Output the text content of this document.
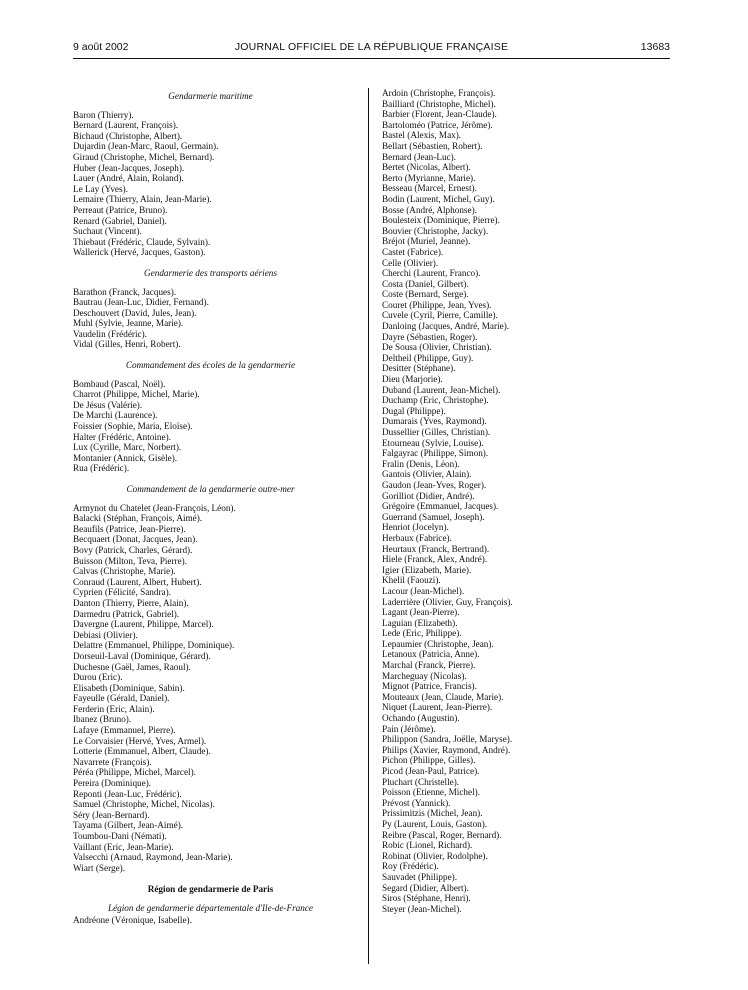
9 août 2002	JOURNAL OFFICIEL DE LA RÉPUBLIQUE FRANÇAISE	13683
Gendarmerie maritime
Baron (Thierry).
Bernard (Laurent, François).
Bichaud (Christophe, Albert).
Dujardin (Jean-Marc, Raoul, Germain).
Giraud (Christophe, Michel, Bernard).
Huber (Jean-Jacques, Joseph).
Lauer (André, Alain, Roland).
Le Lay (Yves).
Lemaire (Thierry, Alain, Jean-Marie).
Perreaut (Patrice, Bruno).
Renard (Gabriel, Daniel).
Suchaut (Vincent).
Thiebaut (Frédéric, Claude, Sylvain).
Wallerick (Hervé, Jacques, Gaston).
Gendarmerie des transports aériens
Barathon (Franck, Jacques).
Bautrau (Jean-Luc, Didier, Fernand).
Deschouvert (David, Jules, Jean).
Muhl (Sylvie, Jeanne, Marie).
Vaudelin (Frédéric).
Vidal (Gilles, Henri, Robert).
Commandement des écoles de la gendarmerie
Bombaud (Pascal, Noël).
Charrot (Philippe, Michel, Marie).
De Jésus (Valérie).
De Marchi (Laurence).
Foissier (Sophie, Maria, Eloïse).
Halter (Frédéric, Antoine).
Lux (Cyrille, Marc, Norbert).
Montanier (Annick, Gisèle).
Rua (Frédéric).
Commandement de la gendarmerie outre-mer
Armynot du Chatelet (Jean-François, Léon).
Balacki (Stéphan, François, Aimé).
Beaufils (Patrice, Jean-Pierre).
Becquaert (Donat, Jacques, Jean).
Bovy (Patrick, Charles, Gérard).
Buisson (Milton, Teva, Pierre).
Calvas (Christophe, Marie).
Conraud (Laurent, Albert, Hubert).
Cyprien (Félicité, Sandra).
Danton (Thierry, Pierre, Alain).
Darmedru (Patrick, Gabriel).
Davergne (Laurent, Philippe, Marcel).
Debiasi (Olivier).
Delattre (Emmanuel, Philippe, Dominique).
Dorseuil-Laval (Dominique, Gérard).
Duchesne (Gaël, James, Raoul).
Durou (Eric).
Elisabeth (Dominique, Sabin).
Fayeulle (Gérald, Daniel).
Ferderin (Eric, Alain).
Ibanez (Bruno).
Lafaye (Emmanuel, Pierre).
Le Corvaisier (Hervé, Yves, Armel).
Lotterie (Emmanuel, Albert, Claude).
Navarrete (François).
Péréa (Philippe, Michel, Marcel).
Pereira (Dominique).
Reponti (Jean-Luc, Frédéric).
Samuel (Christophe, Michel, Nicolas).
Séry (Jean-Bernard).
Tayama (Gilbert, Jean-Aimé).
Toumbou-Dani (Némati).
Vaillant (Eric, Jean-Marie).
Valsecchi (Arnaud, Raymond, Jean-Marie).
Wiart (Serge).
Région de gendarmerie de Paris
Légion de gendarmerie départementale d'Ile-de-France
Andréone (Véronique, Isabelle).
Ardoin (Christophe, François).
Bailliard (Christophe, Michel).
Barbier (Florent, Jean-Claude).
Bartoloméo (Patrice, Jérôme).
Bastel (Alexis, Max).
Bellart (Sébastien, Robert).
Bernard (Jean-Luc).
Bertet (Nicolas, Albert).
Berto (Myrianne, Marie).
Besseau (Marcel, Ernest).
Bodin (Laurent, Michel, Guy).
Bosse (André, Alphonse).
Boulesteix (Dominique, Pierre).
Bouvier (Christophe, Jacky).
Bréjot (Muriel, Jeanne).
Castet (Fabrice).
Celle (Olivier).
Cherchi (Laurent, Franco).
Costa (Daniel, Gilbert).
Coste (Bernard, Serge).
Couret (Philippe, Jean, Yves).
Cuvele (Cyril, Pierre, Camille).
Danloing (Jacques, André, Marie).
Dayre (Sébastien, Roger).
De Sousa (Olivier, Christian).
Deltheil (Philippe, Guy).
Desitter (Stéphane).
Dieu (Marjorie).
Duband (Laurent, Jean-Michel).
Duchamp (Eric, Christophe).
Dugal (Philippe).
Dumarais (Yves, Raymond).
Dussellier (Gilles, Christian).
Etourneau (Sylvie, Louise).
Falgayrac (Philippe, Simon).
Fralin (Denis, Léon).
Gantois (Olivier, Alain).
Gaudon (Jean-Yves, Roger).
Gorilliot (Didier, André).
Grégoire (Emmanuel, Jacques).
Guerrand (Samuel, Joseph).
Henriot (Jocelyn).
Herbaux (Fabrice).
Heurtaux (Franck, Bertrand).
Hiele (Franck, Alex, André).
Igier (Elizabeth, Marie).
Khelil (Faouzi).
Lacour (Jean-Michel).
Laderrière (Olivier, Guy, François).
Lagant (Jean-Pierre).
Laguian (Elizabeth).
Lede (Eric, Philippe).
Lepaumier (Christophe, Jean).
Letanoux (Patricia, Anne).
Marchal (Franck, Pierre).
Marcheguay (Nicolas).
Mignot (Patrice, Francis).
Mouteaux (Jean, Claude, Marie).
Niquet (Laurent, Jean-Pierre).
Ochando (Augustin).
Pain (Jérôme).
Philippon (Sandra, Joëlle, Maryse).
Philips (Xavier, Raymond, André).
Pichon (Philippe, Gilles).
Picod (Jean-Paul, Patrice).
Pluchart (Christelle).
Poisson (Etienne, Michel).
Prévost (Yannick).
Prissimitzis (Michel, Jean).
Py (Laurent, Louis, Gaston).
Reibre (Pascal, Roger, Bernard).
Robic (Lionel, Richard).
Robinat (Olivier, Rodolphe).
Roy (Frédéric).
Sauvadet (Philippe).
Segard (Didier, Albert).
Siros (Stéphane, Henri).
Steyer (Jean-Michel).
